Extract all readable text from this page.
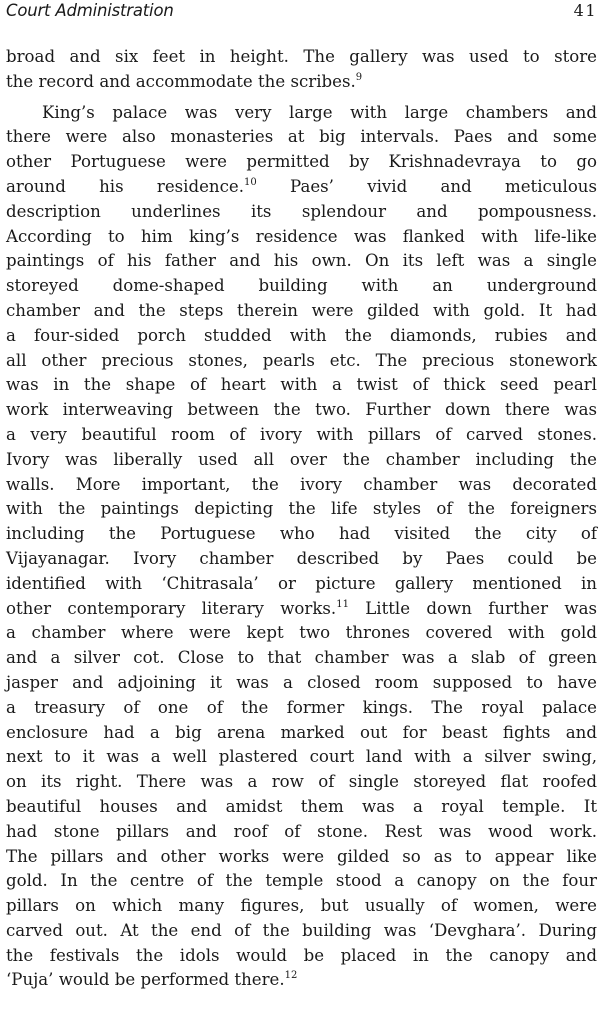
Court Administration	41
broad and six feet in height. The gallery was used to store
the record and accommodate the scribes.$^9$
King’s palace was very large with large chambers and
there were also monasteries at big intervals. Paes and some
other Portuguese were permitted by Krishnadevraya to go
around his residence.$^{10}$ Paes’ vivid and meticulous
description underlines its splendour and pompousness.
According to him king’s residence was flanked with life-like
paintings of his father and his own. On its left was a single
storeyed dome-shaped building with an underground
chamber and the steps therein were gilded with gold. It had
a four-sided porch studded with the diamonds, rubies and
all other precious stones, pearls etc. The precious stonework
was in the shape of heart with a twist of thick seed pearl
work interweaving between the two. Further down there was
a very beautiful room of ivory with pillars of carved stones.
Ivory was liberally used all over the chamber including the
walls. More important, the ivory chamber was decorated
with the paintings depicting the life styles of the foreigners
including the Portuguese who had visited the city of
Vijayanagar. Ivory chamber described by Paes could be
identified with ‘Chitrasala’ or picture gallery mentioned in
other contemporary literary works.$^{11}$ Little down further was
a chamber where were kept two thrones covered with gold
and a silver cot. Close to that chamber was a slab of green
jasper and adjoining it was a closed room supposed to have
a treasury of one of the former kings. The royal palace
enclosure had a big arena marked out for beast fights and
next to it was a well plastered court land with a silver swing,
on its right. There was a row of single storeyed flat roofed
beautiful houses and amidst them was a royal temple. It
had stone pillars and roof of stone. Rest was wood work.
The pillars and other works were gilded so as to appear like
gold. In the centre of the temple stood a canopy on the four
pillars on which many figures, but usually of women, were
carved out. At the end of the building was ‘Devghara’. During
the festivals the idols would be placed in the canopy and
‘Puja’ would be performed there.$^{12}$
